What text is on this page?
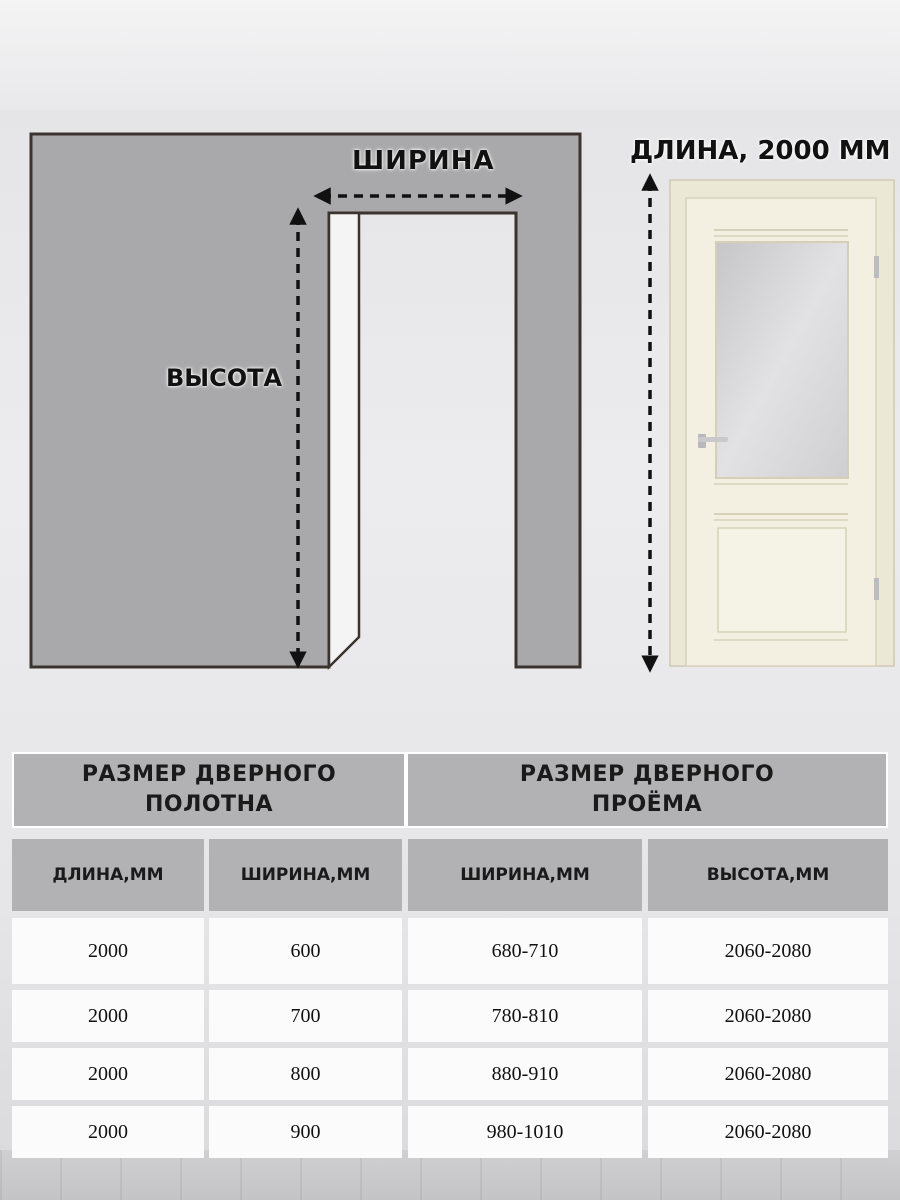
ШИРИНА
ВЫСОТА
ДЛИНА, 2000 ММ
РАЗМЕР ДВЕРНОГО
ПОЛОТНА
РАЗМЕР ДВЕРНОГО
ПРОЁМА
ДЛИНА,ММ	ШИРИНА,ММ	ШИРИНА,ММ	ВЫСОТА,ММ
2000	600	680-710	2060-2080
2000	700	780-810	2060-2080
2000	800	880-910	2060-2080
2000	900	980-1010	2060-2080
